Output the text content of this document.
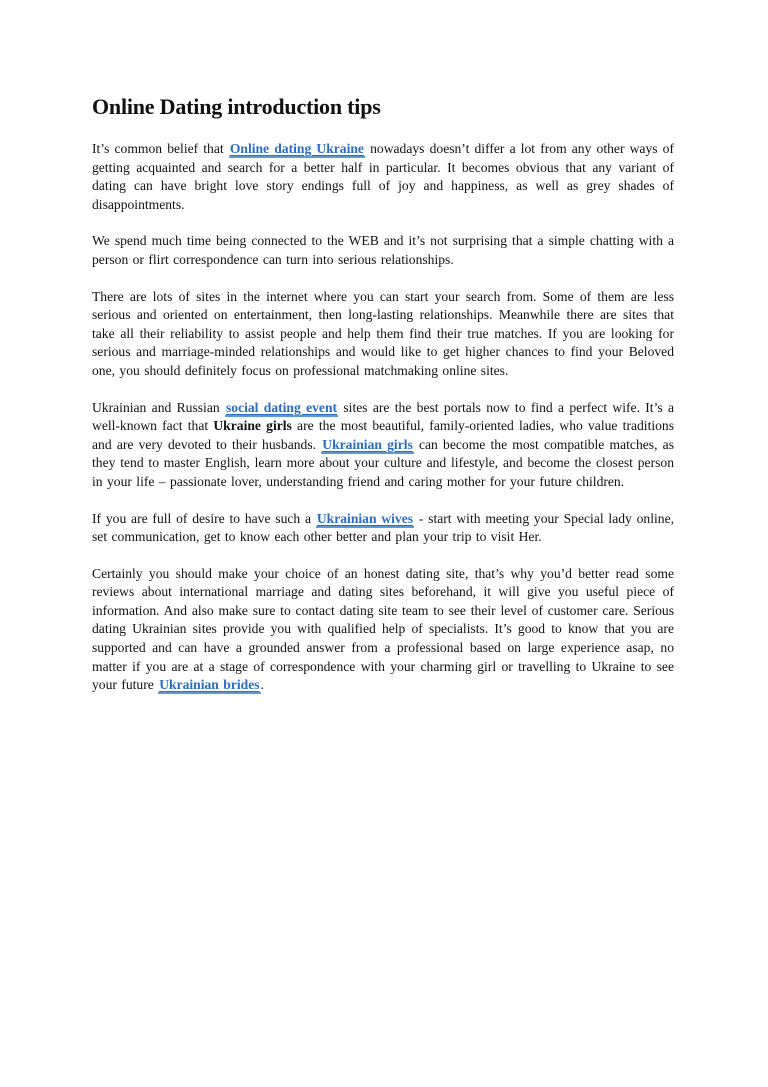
Online Dating introduction tips

It’s common belief that Online dating Ukraine nowadays doesn’t differ a lot from any other ways of getting acquainted and search for a better half in particular. It becomes obvious that any variant of dating can have bright love story endings full of joy and happiness, as well as grey shades of disappointments.

We spend much time being connected to the WEB and it’s not surprising that a simple chatting with a person or flirt correspondence can turn into serious relationships.

There are lots of sites in the internet where you can start your search from. Some of them are less serious and oriented on entertainment, then long-lasting relationships. Meanwhile there are sites that take all their reliability to assist people and help them find their true matches. If you are looking for serious and marriage-minded relationships and would like to get higher chances to find your Beloved one, you should definitely focus on professional matchmaking online sites.

Ukrainian and Russian social dating event sites are the best portals now to find a perfect wife. It’s a well-known fact that Ukraine girls are the most beautiful, family-oriented ladies, who value traditions and are very devoted to their husbands. Ukrainian girls can become the most compatible matches, as they tend to master English, learn more about your culture and lifestyle, and become the closest person in your life – passionate lover, understanding friend and caring mother for your future children.

If you are full of desire to have such a Ukrainian wives - start with meeting your Special lady online, set communication, get to know each other better and plan your trip to visit Her.

Certainly you should make your choice of an honest dating site, that’s why you’d better read some reviews about international marriage and dating sites beforehand, it will give you useful piece of information. And also make sure to contact dating site team to see their level of customer care. Serious dating Ukrainian sites provide you with qualified help of specialists. It’s good to know that you are supported and can have a grounded answer from a professional based on large experience asap, no matter if you are at a stage of correspondence with your charming girl or travelling to Ukraine to see your future Ukrainian brides.
